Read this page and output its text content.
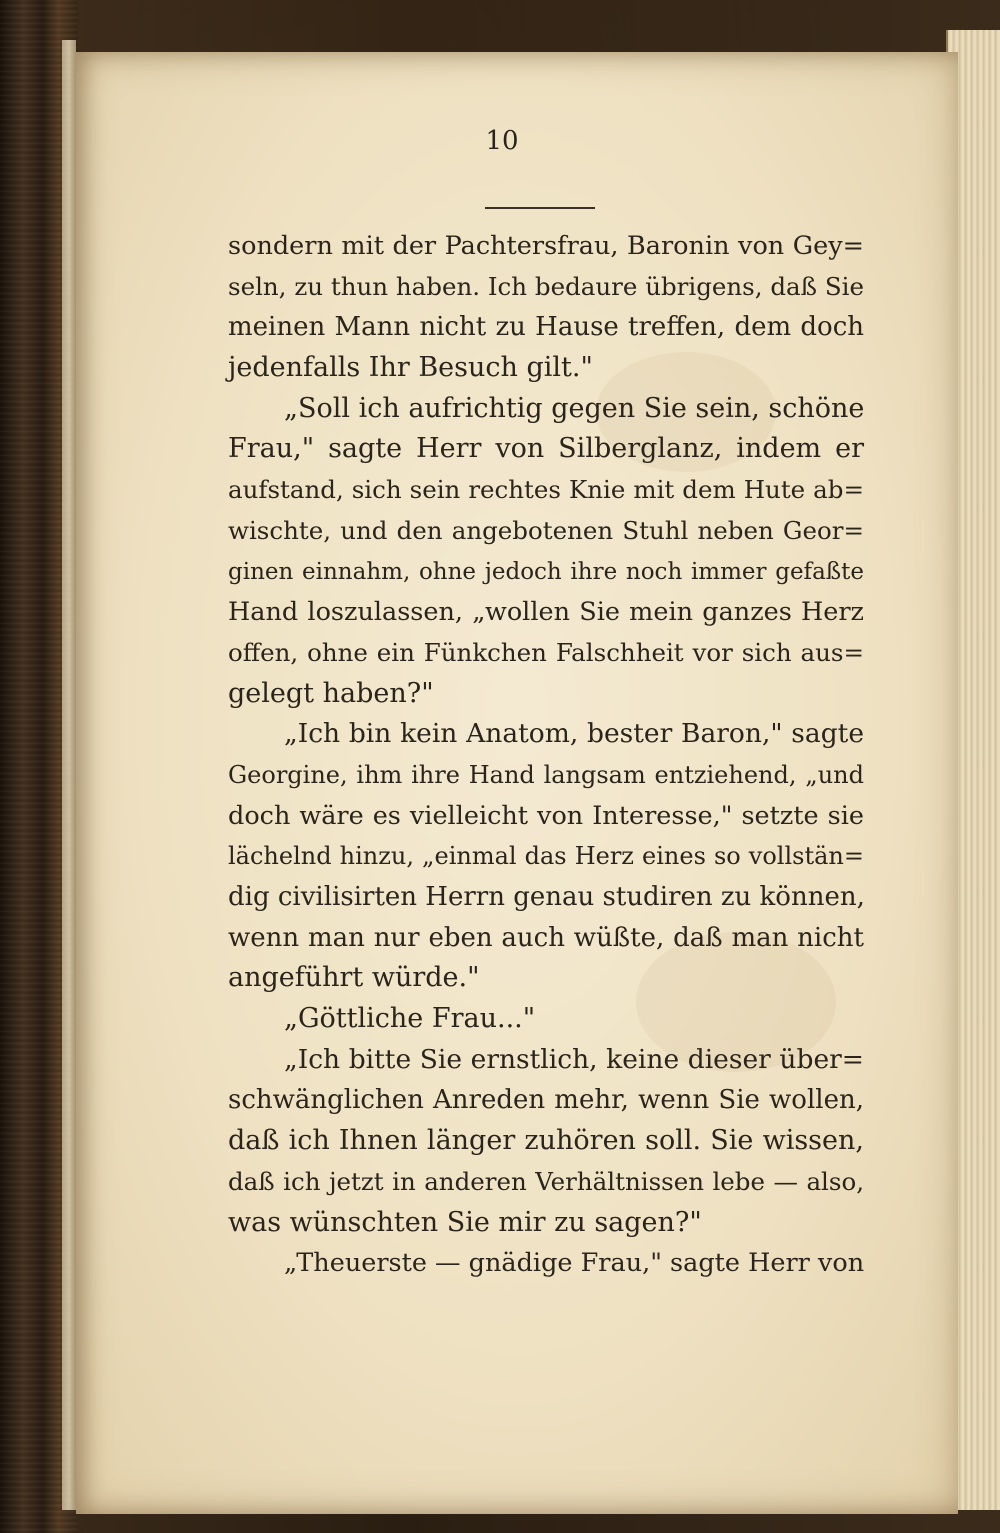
10
sondern mit der Pachtersfrau, Baronin von Gey=
seln, zu thun haben. Ich bedaure übrigens, daß Sie
meinen Mann nicht zu Hause treffen, dem doch
jedenfalls Ihr Besuch gilt."
„Soll ich aufrichtig gegen Sie sein, schöne
Frau," sagte Herr von Silberglanz, indem er
aufstand, sich sein rechtes Knie mit dem Hute ab=
wischte, und den angebotenen Stuhl neben Geor=
ginen einnahm, ohne jedoch ihre noch immer gefaßte
Hand loszulassen, „wollen Sie mein ganzes Herz
offen, ohne ein Fünkchen Falschheit vor sich aus=
gelegt haben?"
„Ich bin kein Anatom, bester Baron," sagte
Georgine, ihm ihre Hand langsam entziehend, „und
doch wäre es vielleicht von Interesse," setzte sie
lächelnd hinzu, „einmal das Herz eines so vollstän=
dig civilisirten Herrn genau studiren zu können,
wenn man nur eben auch wüßte, daß man nicht
angeführt würde."
„Göttliche Frau..."
„Ich bitte Sie ernstlich, keine dieser über=
schwänglichen Anreden mehr, wenn Sie wollen,
daß ich Ihnen länger zuhören soll. Sie wissen,
daß ich jetzt in anderen Verhältnissen lebe — also,
was wünschten Sie mir zu sagen?"
„Theuerste — gnädige Frau," sagte Herr von
